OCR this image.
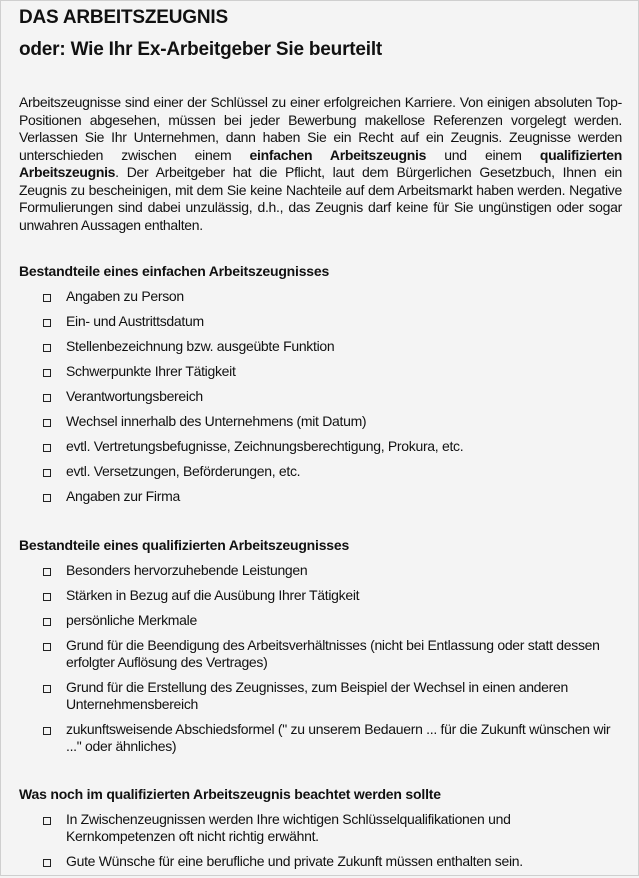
DAS ARBEITSZEUGNIS
oder: Wie Ihr Ex-Arbeitgeber Sie beurteilt

Arbeitszeugnisse sind einer der Schlüssel zu einer erfolgreichen Karriere. Von einigen absoluten Top-Positionen abgesehen, müssen bei jeder Bewerbung makellose Referenzen vorgelegt werden. Verlassen Sie Ihr Unternehmen, dann haben Sie ein Recht auf ein Zeugnis. Zeugnisse werden unterschieden zwischen einem einfachen Arbeitszeugnis und einem qualifizierten Arbeitszeugnis. Der Arbeitgeber hat die Pflicht, laut dem Bürgerlichen Gesetzbuch, Ihnen ein Zeugnis zu bescheinigen, mit dem Sie keine Nachteile auf dem Arbeitsmarkt haben werden. Negative Formulierungen sind dabei unzulässig, d.h., das Zeugnis darf keine für Sie ungünstigen oder sogar unwahren Aussagen enthalten.

Bestandteile eines einfachen Arbeitszeugnisses
Angaben zu Person
Ein- und Austrittsdatum
Stellenbezeichnung bzw. ausgeübte Funktion
Schwerpunkte Ihrer Tätigkeit
Verantwortungsbereich
Wechsel innerhalb des Unternehmens (mit Datum)
evtl. Vertretungsbefugnisse, Zeichnungsberechtigung, Prokura, etc.
evtl. Versetzungen, Beförderungen, etc.
Angaben zur Firma
Bestandteile eines qualifizierten Arbeitszeugnisses
Besonders hervorzuhebende Leistungen
Stärken in Bezug auf die Ausübung Ihrer Tätigkeit
persönliche Merkmale
Grund für die Beendigung des Arbeitsverhältnisses (nicht bei Entlassung oder statt dessen erfolgter Auflösung des Vertrages)
Grund für die Erstellung des Zeugnisses, zum Beispiel der Wechsel in einen anderen Unternehmensbereich
zukunftsweisende Abschiedsformel (" zu unserem Bedauern ... für die Zukunft wünschen wir ..." oder ähnliches)
Was noch im qualifizierten Arbeitszeugnis beachtet werden sollte
In Zwischenzeugnissen werden Ihre wichtigen Schlüsselqualifikationen und Kernkompetenzen oft nicht richtig erwähnt.
Gute Wünsche für eine berufliche und private Zukunft müssen enthalten sein.
